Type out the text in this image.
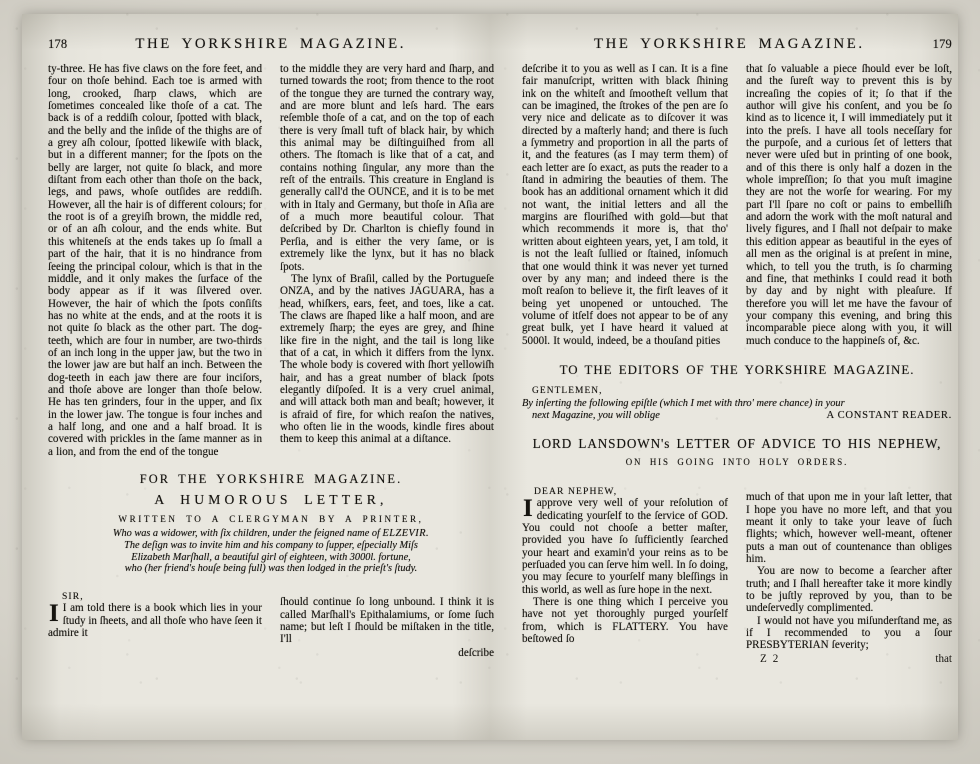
178	THE YORKSHIRE MAGAZINE.

ty-three. He has five claws on the fore feet, and four on thoſe behind. Each toe is armed with long, crooked, ſharp claws, which are ſometimes concealed like thoſe of a cat. The back is of a reddiſh colour, ſpotted with black, and the belly and the inſide of the thighs are of a grey aſh colour, ſpotted likewiſe with black, but in a different manner; for the ſpots on the belly are larger, not quite ſo black, and more diſtant from each other than thoſe on the back, legs, and paws, whoſe outſides are reddiſh. However, all the hair is of different colours; for the root is of a greyiſh brown, the middle red, or of an aſh colour, and the ends white. But this whiteneſs at the ends takes up ſo ſmall a part of the hair, that it is no hindrance from ſeeing the principal colour, which is that in the middle, and it only makes the ſurface of the body appear as if it was ſilvered over. However, the hair of which the ſpots conſiſts has no white at the ends, and at the roots it is not quite ſo black as the other part. The dog-teeth, which are four in number, are two-thirds of an inch long in the upper jaw, but the two in the lower jaw are but half an inch. Between the dog-teeth in each jaw there are four inciſors, and thoſe above are longer than thoſe below. He has ten grinders, four in the upper, and ſix in the lower jaw. The tongue is four inches and a half long, and one and a half broad. It is covered with prickles in the ſame manner as in a lion, and from the end of the tongue

to the middle they are very hard and ſharp, and turned towards the root; from thence to the root of the tongue they are turned the contrary way, and are more blunt and leſs hard. The ears reſemble thoſe of a cat, and on the top of each there is very ſmall tuft of black hair, by which this animal may be diſtinguiſhed from all others. The ſtomach is like that of a cat, and contains nothing ſingular, any more than the reſt of the entrails. This creature in England is generally call'd the OUNCE, and it is to be met with in Italy and Germany, but thoſe in Aſia are of a much more beautiful colour. That deſcribed by Dr. Charlton is chiefly found in Perſia, and is either the very ſame, or is extremely like the lynx, but it has no black ſpots.

The lynx of Braſil, called by the Portugueſe ONZA, and by the natives JAGUARA, has a head, whiſkers, ears, feet, and toes, like a cat. The claws are ſhaped like a half moon, and are extremely ſharp; the eyes are grey, and ſhine like fire in the night, and the tail is long like that of a cat, in which it differs from the lynx. The whole body is covered with ſhort yellowiſh hair, and has a great number of black ſpots elegantly diſpoſed. It is a very cruel animal, and will attack both man and beaſt; however, it is afraid of fire, for which reaſon the natives, who often lie in the woods, kindle fires about them to keep this animal at a diſtance.

FOR THE YORKSHIRE MAGAZINE.
A HUMOROUS LETTER,
WRITTEN TO A CLERGYMAN BY A PRINTER,
Who was a widower, with ſix children, under the feigned name of ELZEVIR.
The deſign was to invite him and his company to ſupper, eſpecially Miſs
Elizabeth Marſhall, a beautiful girl of eighteen, with 3000l. fortune,
who (her friend's houſe being full) was then lodged in the prieſt's ſtudy.
SIR,

I I am told there is a book which lies in your ſtudy in ſheets, and all thoſe who have ſeen it admire it

ſhould continue ſo long unbound. I think it is called Marſhall's Epithalamiums, or ſome ſuch name; but leſt I ſhould be miſtaken in the title, I'll

deſcribe
THE YORKSHIRE MAGAZINE.	179

deſcribe it to you as well as I can. It is a fine fair manuſcript, written with black ſhining ink on the whiteſt and ſmootheſt vellum that can be imagined, the ſtrokes of the pen are ſo very nice and delicate as to diſcover it was directed by a maſterly hand; and there is ſuch a ſymmetry and proportion in all the parts of it, and the features (as I may term them) of each letter are ſo exact, as puts the reader to a ſtand in admiring the beauties of them. The book has an additional ornament which it did not want, the initial letters and all the margins are flouriſhed with gold—but that which recommends it more is, that tho' written about eighteen years, yet, I am told, it is not the leaſt ſullied or ſtained, inſomuch that one would think it was never yet turned over by any man; and indeed there is the moſt reaſon to believe it, the firſt leaves of it being yet unopened or untouched. The volume of itſelf does not appear to be of any great bulk, yet I have heard it valued at 5000l. It would, indeed, be a thouſand pities

that ſo valuable a piece ſhould ever be loſt, and the ſureſt way to prevent this is by increaſing the copies of it; ſo that if the author will give his conſent, and you be ſo kind as to licence it, I will immediately put it into the preſs. I have all tools neceſſary for the purpoſe, and a curious ſet of letters that never were uſed but in printing of one book, and of this there is only half a dozen in the whole impreſſion; ſo that you muſt imagine they are not the worſe for wearing. For my part I'll ſpare no coſt or pains to embelliſh and adorn the work with the moſt natural and lively figures, and I ſhall not deſpair to make this edition appear as beautiful in the eyes of all men as the original is at preſent in mine, which, to tell you the truth, is ſo charming and fine, that methinks I could read it both by day and by night with pleaſure. If therefore you will let me have the favour of your company this evening, and bring this incomparable piece along with you, it will much conduce to the happineſs of, &c.

TO THE EDITORS OF THE YORKSHIRE MAGAZINE.
GENTLEMEN,
By inſerting the following epiſtle (which I met with thro' mere chance) in your
next Magazine, you will oblige	A CONSTANT READER.
LORD LANSDOWN's LETTER OF ADVICE TO HIS NEPHEW,
ON HIS GOING INTO HOLY ORDERS.
DEAR NEPHEW,

Iapprove very well of your reſolution of dedicating yourſelf to the ſervice of GOD. You could not chooſe a better maſter, provided you have ſo ſufficiently ſearched your heart and examin'd your reins as to be perſuaded you can ſerve him well. In ſo doing, you may ſecure to yourſelf many bleſſings in this world, as well as ſure hope in the next.

There is one thing which I perceive you have not yet thoroughly purged yourſelf from, which is FLATTERY. You have beſtowed ſo

much of that upon me in your laſt letter, that I hope you have no more left, and that you meant it only to take your leave of ſuch flights; which, however well-meant, oftener puts a man out of countenance than obliges him.

You are now to become a ſearcher after truth; and I ſhall hereafter take it more kindly to be juſtly reproved by you, than to be undeſervedly complimented.

I would not have you miſunderſtand me, as if I recommended to you a ſour PRESBYTERIAN ſeverity;

Z 2	that
